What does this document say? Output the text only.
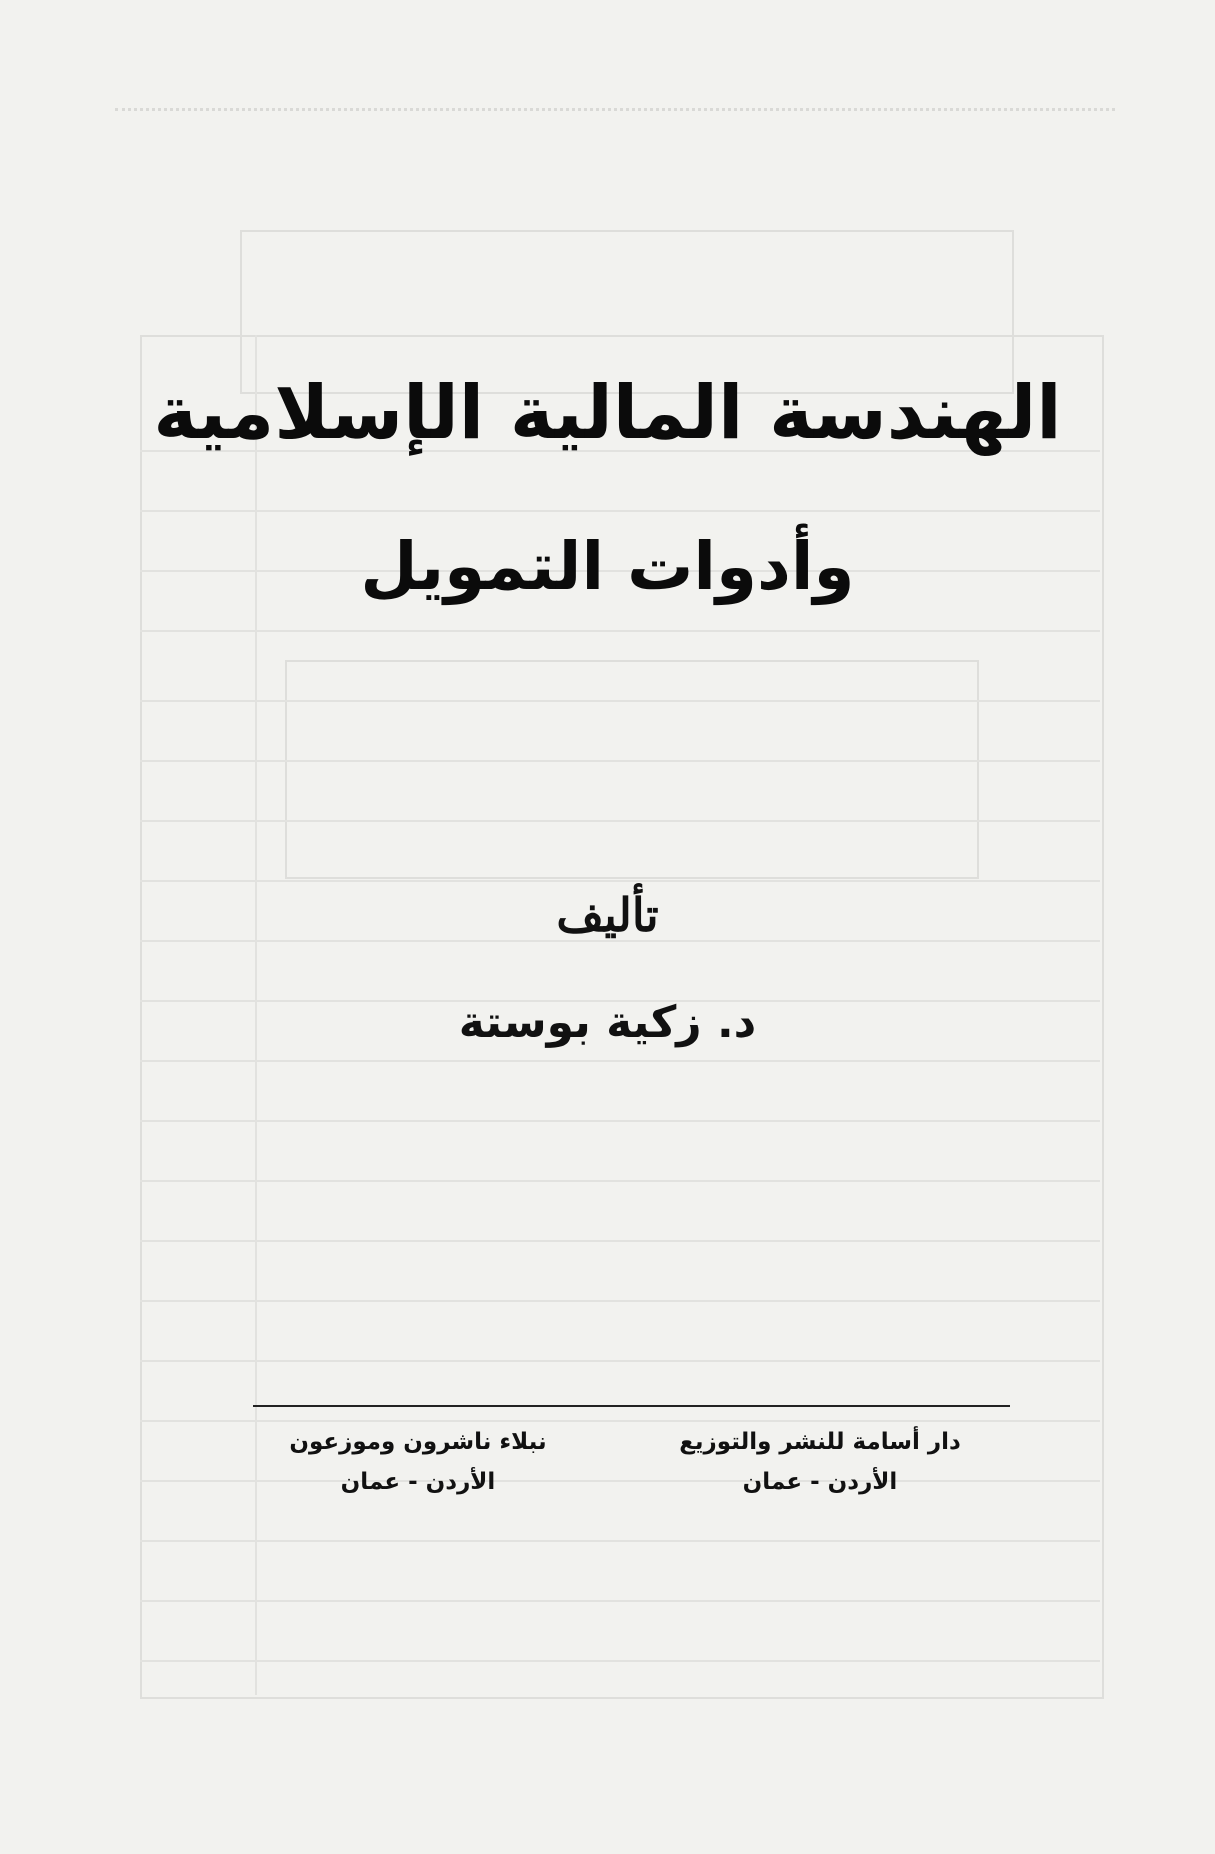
الهندسة المالية الإسلامية
وأدوات التمويل
تأليف
د. زكية بوستة
دار أسامة للنشر والتوزيع
الأردن - عمان
نبلاء ناشرون وموزعون
الأردن - عمان
